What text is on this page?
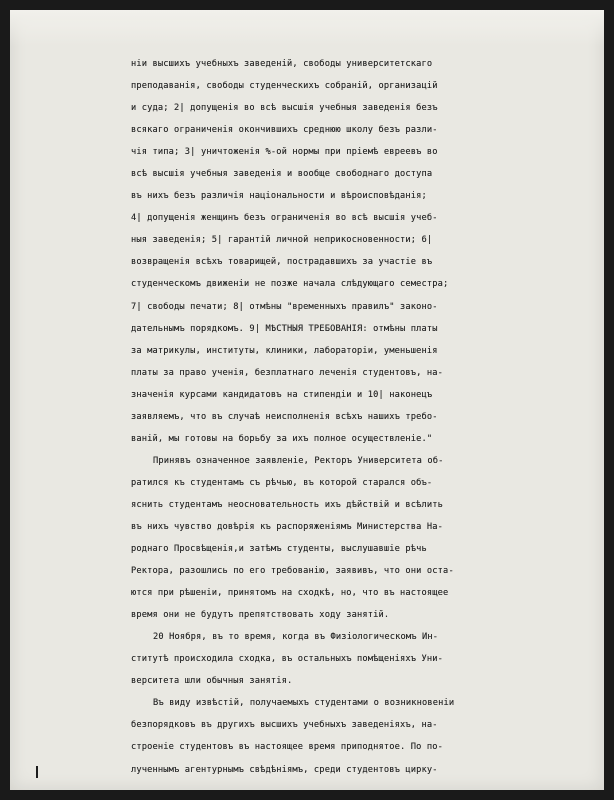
нiи высшихъ учебныхъ заведенiй, свободы университетскаго
преподаванiя, свободы студенческихъ собранiй, организацiй
и суда; 2| допущенiя во всѣ высшiя учебныя заведенiя безъ
всякаго ограниченiя окончившихъ среднюю школу безъ разли-
чiя типа; 3| уничтоженiя %-ой нормы при прiемѣ евреевъ во
всѣ высшiя учебныя заведенiя и вообще свободнаго доступа
въ нихъ безъ различiя нацiональности и вѣроисповѣданiя;
4| допущенiя женщинъ безъ ограниченiя во всѣ высшiя учеб-
ныя заведенiя; 5| гарантiй личной неприкосновенности; 6|
возвращенiя всѣхъ товарищей, пострадавшихъ за участiе въ
студенческомъ движенiи не позже начала слѣдующаго семестра;
7| свободы печати; 8| отмѣны "временныхъ правилъ" законо-
дательнымъ порядкомъ. 9| МѢСТНЫЯ ТРЕБОВАНIЯ: отмѣны платы
за матрикулы, институты, клиники, лабораторiи, уменьшенiя
платы за право ученiя, безплатнаго леченiя студентовъ, на-
значенiя курсами кандидатовъ на стипендiи и 10| наконецъ
заявляемъ, что въ случаѣ неисполненiя всѣхъ нашихъ требо-
ванiй, мы готовы на борьбу за ихъ полное осуществленiе."
Принявъ означенное заявленiе, Ректоръ Университета об-
ратился къ студентамъ съ рѣчью, въ которой старался объ-
яснить студентамъ неосновательность ихъ дѣйствiй и всѣлить
въ нихъ чувство довѣрiя къ распоряженiямъ Министерства На-
роднаго Просвѣщенiя,и затѣмъ студенты, выслушавшiе рѣчь
Ректора, разошлись по его требованiю, заявивъ, что они оста-
ются при рѣшенiи, принятомъ на сходкѣ, но, что въ настоящее
время они не будутъ препятствовать ходу занятiй.
20 Ноября, въ то время, когда въ Физiологическомъ Ин-
ститутѣ происходила сходка, въ остальныхъ помѣщенiяхъ Уни-
верситета шли обычныя занятiя.
Въ виду извѣстiй, получаемыхъ студентами о возникновенiи
безпорядковъ въ другихъ высшихъ учебныхъ заведенiяхъ, на-
строенiе студентовъ въ настоящее время приподнятое. По по-
лученнымъ агентурнымъ свѣдѣнiямъ, среди студентовъ цирку-
